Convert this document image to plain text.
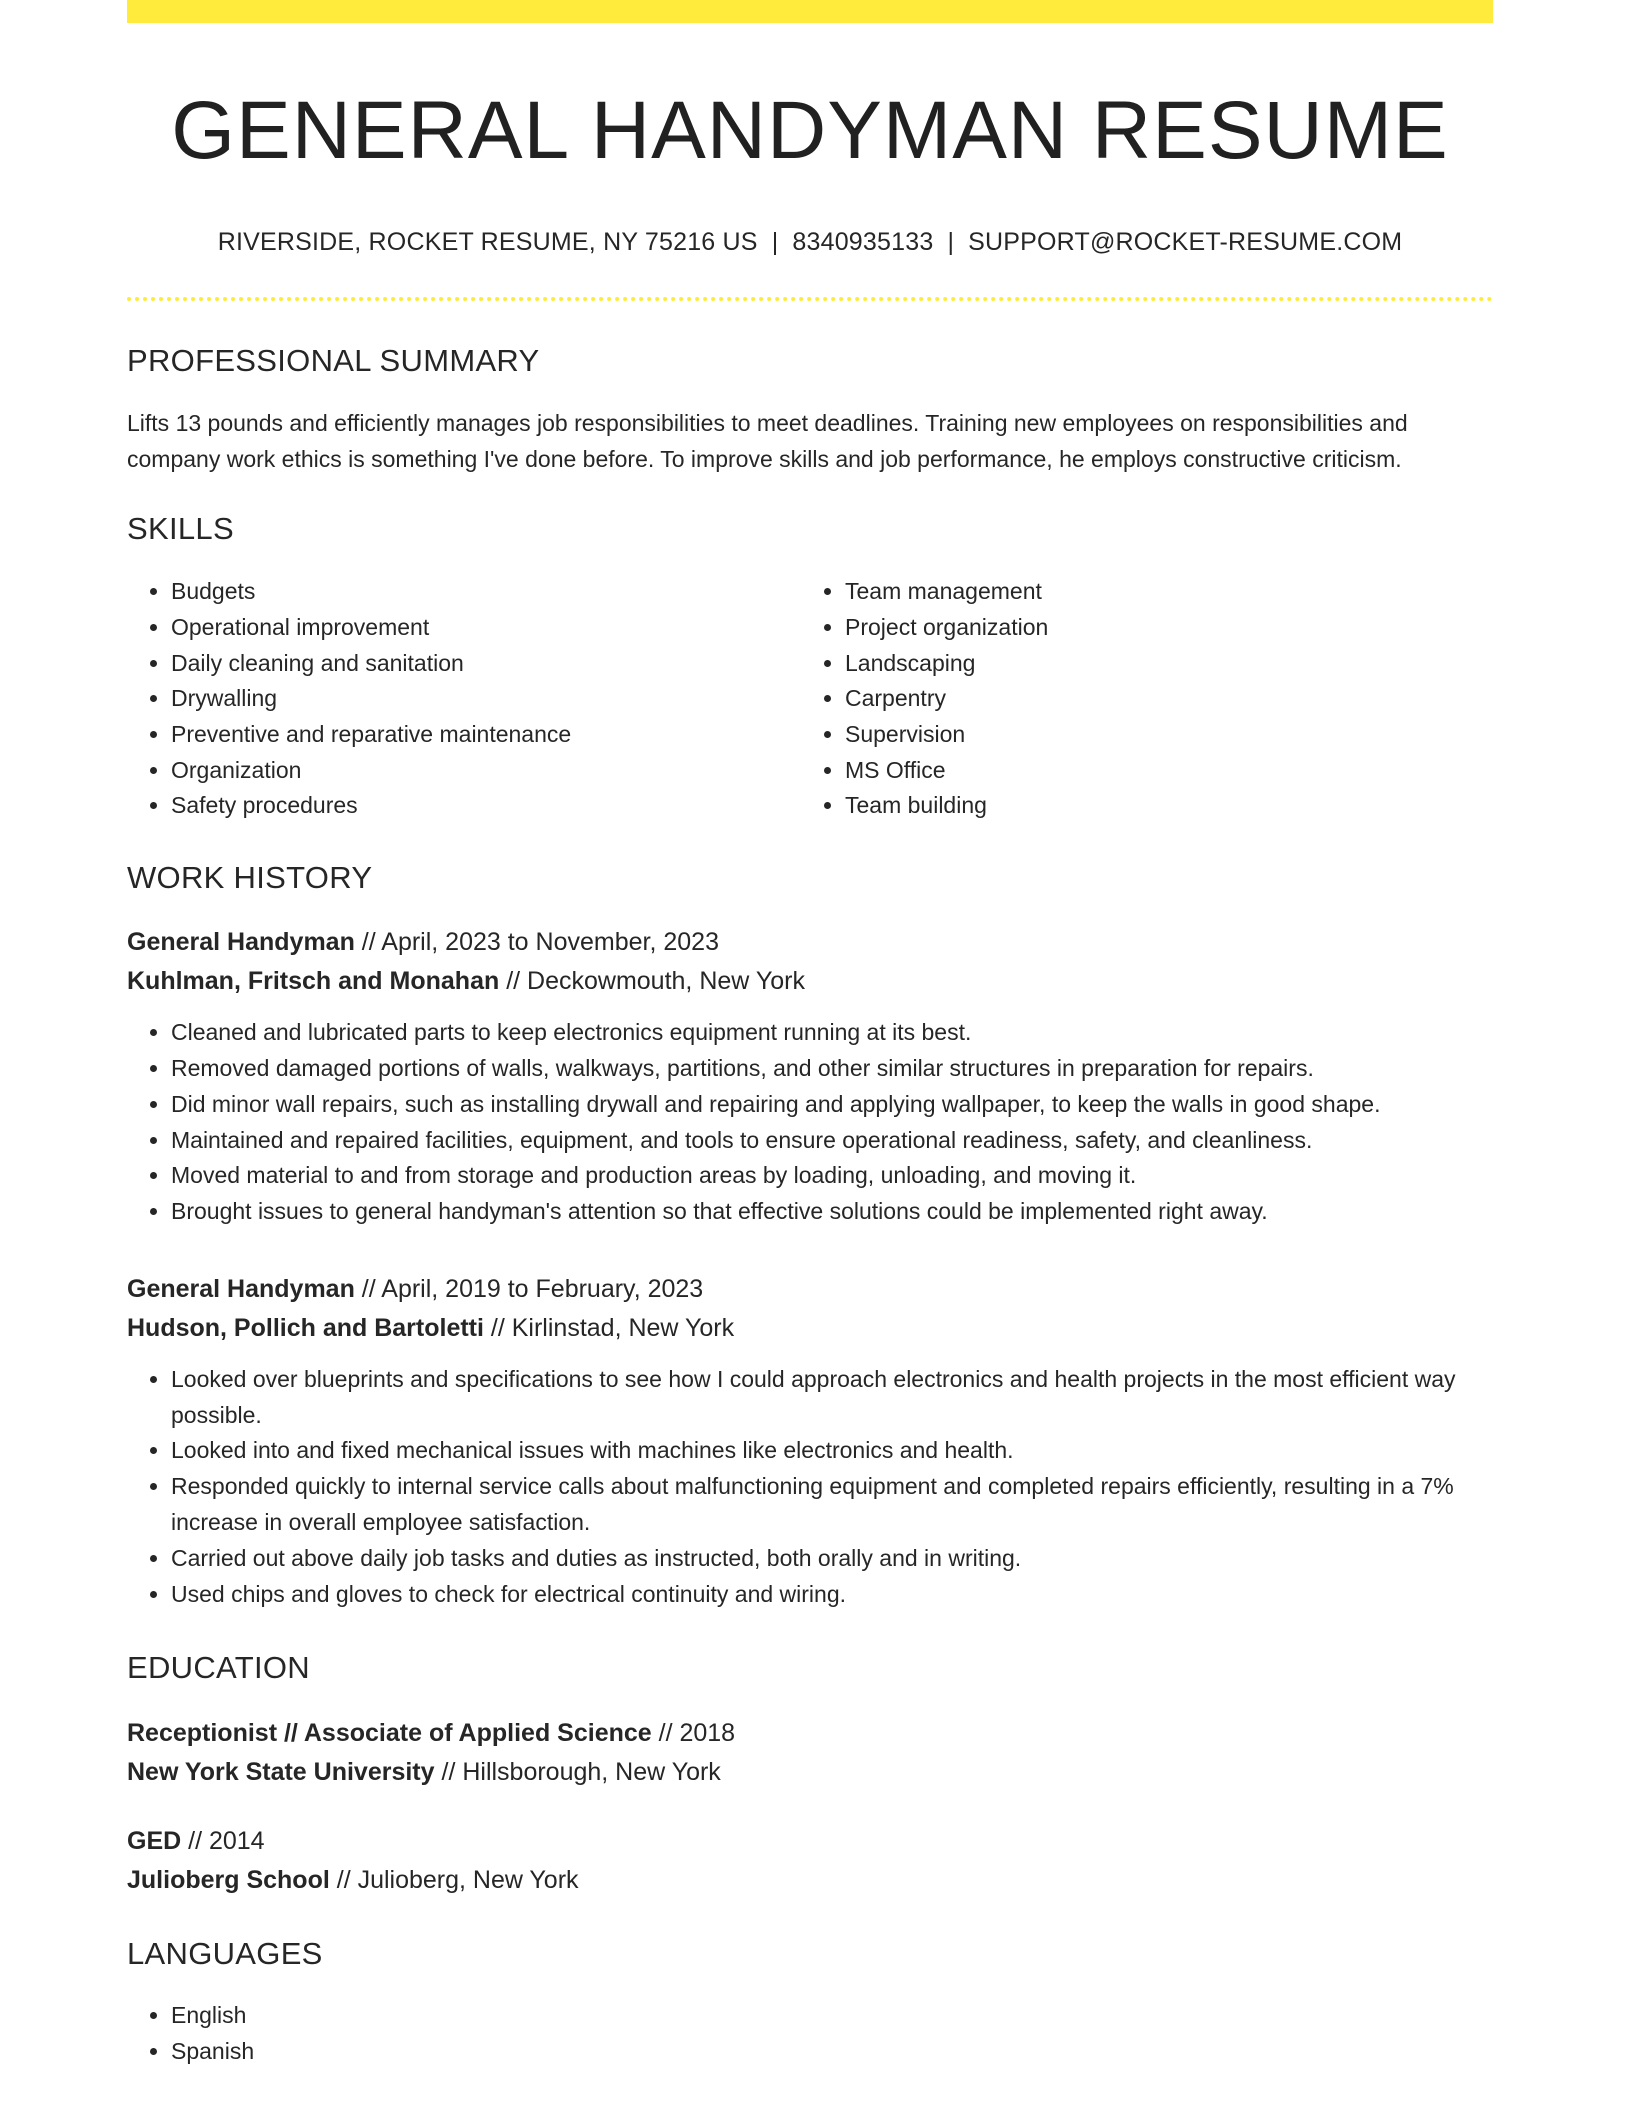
GENERAL HANDYMAN RESUME
RIVERSIDE, ROCKET RESUME, NY 75216 US | 8340935133 | SUPPORT@ROCKET-RESUME.COM
PROFESSIONAL SUMMARY
Lifts 13 pounds and efficiently manages job responsibilities to meet deadlines. Training new employees on responsibilities and company work ethics is something I've done before. To improve skills and job performance, he employs constructive criticism.
SKILLS
• Budgets
• Operational improvement
• Daily cleaning and sanitation
• Drywalling
• Preventive and reparative maintenance
• Organization
• Safety procedures
• Team management
• Project organization
• Landscaping
• Carpentry
• Supervision
• MS Office
• Team building
WORK HISTORY
General Handyman // April, 2023 to November, 2023
Kuhlman, Fritsch and Monahan // Deckowmouth, New York
• Cleaned and lubricated parts to keep electronics equipment running at its best.
• Removed damaged portions of walls, walkways, partitions, and other similar structures in preparation for repairs.
• Did minor wall repairs, such as installing drywall and repairing and applying wallpaper, to keep the walls in good shape.
• Maintained and repaired facilities, equipment, and tools to ensure operational readiness, safety, and cleanliness.
• Moved material to and from storage and production areas by loading, unloading, and moving it.
• Brought issues to general handyman's attention so that effective solutions could be implemented right away.
General Handyman // April, 2019 to February, 2023
Hudson, Pollich and Bartoletti // Kirlinstad, New York
• Looked over blueprints and specifications to see how I could approach electronics and health projects in the most efficient way possible.
• Looked into and fixed mechanical issues with machines like electronics and health.
• Responded quickly to internal service calls about malfunctioning equipment and completed repairs efficiently, resulting in a 7% increase in overall employee satisfaction.
• Carried out above daily job tasks and duties as instructed, both orally and in writing.
• Used chips and gloves to check for electrical continuity and wiring.
EDUCATION
Receptionist // Associate of Applied Science // 2018
New York State University // Hillsborough, New York
GED // 2014
Julioberg School // Julioberg, New York
LANGUAGES
• English
• Spanish
